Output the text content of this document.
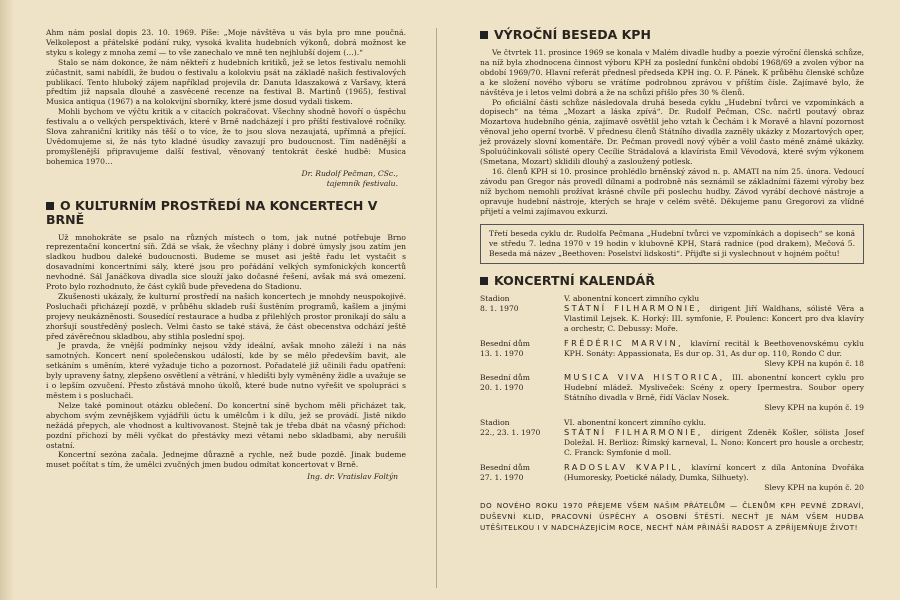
Ahm nám poslal dopis 23. 10. 1969. Píše: „Moje návštěva u vás byla pro mne poučná. Velkolepost a přátelské podání ruky, vysoká kvalita hudebních výkonů, dobrá možnost ke styku s kolegy z mnoha zemí — to vše zanechalo ve mně ten nejhlubší dojem (…).“

Stalo se nám dokonce, že nám někteří z hudebních kritiků, jež se letos festivalu nemohli zúčastnit, sami nabídli, že budou o festivalu a kolokviu psát na základě našich festivalových publikací. Tento hluboký zájem například projevila dr. Danuta Idaszakowá z Varšavy, která předtím již napsala dlouhé a zasvěcené recenze na festival B. Martinů (1965), festival Musica antiqua (1967) a na kolokvijní sborníky, které jsme dosud vydali tiskem.

Mohli bychom ve výčtu kritik a v citacích pokračovat. Všechny shodně hovoří o úspěchu festivalu a o velkých perspektivách, které v Brně nadcházejí i pro příští festivalové ročníky. Slova zahraniční kritiky nás těší o to více, že to jsou slova nezaujatá, upřímná a přející. Uvědomujeme si, že nás tyto kladné úsudky zavazují pro budoucnost. Tím naděnější a promyšlenější připravujeme další festival, věnovaný tentokrát české hudbě: Musica bohemica 1970…

Dr. Rudolf Pečman, CSc.,
tajemník festivalu.
O KULTURNÍM PROSTŘEDÍ NA KONCERTECH V BRNĚ

Už mnohokráte se psalo na různých místech o tom, jak nutné potřebuje Brno reprezentační koncertní síň. Zdá se však, že všechny plány i dobré úmysly jsou zatím jen sladkou hudbou daleké budoucnosti. Budeme se muset asi ještě řadu let vystačit s dosavadními koncertními sály, které jsou pro pořádání velkých symfonických koncertů nevhodné. Sál Janáčkova divadla sice slouží jako dočasné řešení, avšak má svá omezení. Proto bylo rozhodnuto, že část cyklů bude převedena do Stadionu.

Zkušenosti ukázaly, že kulturní prostředí na našich koncertech je mnohdy neuspokojivé. Posluchači přicházejí pozdě, v průběhu skladeb ruší šustěním programů, kašlem a jinými projevy neukázněnosti. Sousedící restaurace a hudba z přilehlých prostor pronikají do sálu a zhoršují soustředěný poslech. Velmi často se také stává, že část obecenstva odchází ještě před závěrečnou skladbou, aby stihla poslední spoj.

Je pravda, že vnější podmínky nejsou vždy ideální, avšak mnoho záleží i na nás samotných. Koncert není společenskou událostí, kde by se mělo především bavit, ale setkáním s uměním, které vyžaduje ticho a pozornost. Pořadatelé již učinili řadu opatření: byly upraveny šatny, zlepšeno osvětlení a větrání, v hledišti byly vyměněny židle a uvažuje se i o lepším ozvučení. Přesto zůstává mnoho úkolů, které bude nutno vyřešit ve spolupráci s městem i s posluchači.

Nelze také pominout otázku oblečení. Do koncertní síně bychom měli přicházet tak, abychom svým zevnějškem vyjádřili úctu k umělcům i k dílu, jež se provádí. Jistě nikdo nežádá přepych, ale vhodnost a kultivovanost. Stejně tak je třeba dbát na včasný příchod: pozdní příchozí by měli vyčkat do přestávky mezi větami nebo skladbami, aby nerušili ostatní.

Koncertní sezóna začala. Jednejme důrazně a rychle, než bude pozdě. Jinak budeme muset počítat s tím, že umělci zvučných jmen budou odmítat koncertovat v Brně.

Ing. dr. Vratislav Foltýn
VÝROČNÍ BESEDA KPH

Ve čtvrtek 11. prosince 1969 se konala v Malém divadle hudby a poezie výroční členská schůze, na níž byla zhodnocena činnost výboru KPH za poslední funkční období 1968/69 a zvolen výbor na období 1969/70. Hlavní referát přednesl předseda KPH ing. O. F. Pánek. K průběhu členské schůze a ke složení nového výboru se vrátíme podrobnou zprávou v příštím čísle. Zajímavé bylo, že návštěva je i letos velmi dobrá a že na schůzi přišlo přes 30 % členů.

Po oficiální části schůze následovala druhá beseda cyklu „Hudební tvůrci ve vzpomínkách a dopisech“ na téma „Mozart a láska zpívá“. Dr. Rudolf Pečman, CSc. načrtl poutavý obraz Mozartova hudebního génia, zajímavě osvětlil jeho vztah k Čechám i k Moravě a hlavní pozornost věnoval jeho operní tvorbě. V přednesu členů Státního divadla zazněly ukázky z Mozartových oper, jež provázely slovní komentáře. Dr. Pečman provedl nový výběr a volil často méně známé ukázky. Spoluúčinkovali sólisté opery Cecílie Strádalová a klavírista Emil Vévodová, které svým výkonem (Smetana, Mozart) sklidili dlouhý a zasloužený potlesk.

16. členů KPH si 10. prosince prohlédlo brněnský závod n. p. AMATI na ním 25. února. Vedoucí závodu pan Gregor nás provedl dílnami a podrobně nás seznámil se základními fázemi výroby bez níž bychom nemohli prožívat krásné chvíle při poslechu hudby. Závod vyrábí dechové nástroje a opravuje hudební nástroje, kterých se hraje v celém světě. Děkujeme panu Gregorovi za vlídné přijetí a velmi zajímavou exkurzi.

Třetí beseda cyklu dr. Rudolfa Pečmana „Hudební tvůrci ve vzpomínkách a dopisech“ se koná ve středu 7. ledna 1970 v 19 hodin v klubovně KPH, Stará radnice (pod drakem), Mečová 5. Beseda má název „Beethoven: Poselství lidskosti“. Přijďte si ji vyslechnout v hojném počtu!

KONCERTNÍ KALENDÁŘ
Stadion
8. 1. 1970
V. abonentní koncert zimního cyklu
STÁTNÍ FILHARMONIE, dirigent Jiří Waldhans, sólisté Věra a Vlastimil Lejsek. K. Horký: III. symfonie, F. Poulenc: Koncert pro dva klavíry a orchestr, C. Debussy: Moře.
Besední dům
13. 1. 1970
FRÉDÉRIC MARVIN, klavírní recitál k Beethovenovskému cyklu KPH. Sonáty: Appassionata, Es dur op. 31, As dur op. 110, Rondo C dur.
Slevy KPH na kupón č. 18
Besední dům
20. 1. 1970
MUSICA VIVA HISTORICA, III. abonentní koncert cyklu pro Hudební mládež. Mysliveček: Scény z opery Ipermestra. Soubor opery Státního divadla v Brně, řídí Václav Nosek.
Slevy KPH na kupón č. 19
Stadion
22., 23. 1. 1970
VI. abonentní koncert zimního cyklu.
STÁTNÍ FILHARMONIE, dirigent Zdeněk Košler, sólista Josef Doležal. H. Berlioz: Římský karneval, L. Nono: Koncert pro housle a orchestr, C. Franck: Symfonie d moll.
Besední dům
27. 1. 1970
RADOSLAV KVAPIL, klavírní koncert z díla Antonína Dvořáka (Humoresky, Poetické nálady, Dumka, Silhuety).
Slevy KPH na kupón č. 20
DO NOVÉHO ROKU 1970 PŘEJEME VŠEM NAŠIM PŘÁTELŮM — ČLENŮM KPH PEVNÉ ZDRAVÍ, DUŠEVNÍ KLID, PRACOVNÍ ÚSPĚCHY A OSOBNÍ ŠTĚSTÍ. NECHŤ JE NÁM VŠEM HUDBA UTĚŠITELKOU I V NADCHÁZEJÍCÍM ROCE, NECHŤ NÁM PŘINÁŠÍ RADOST A ZPŘÍJEMŇUJE ŽIVOT!
